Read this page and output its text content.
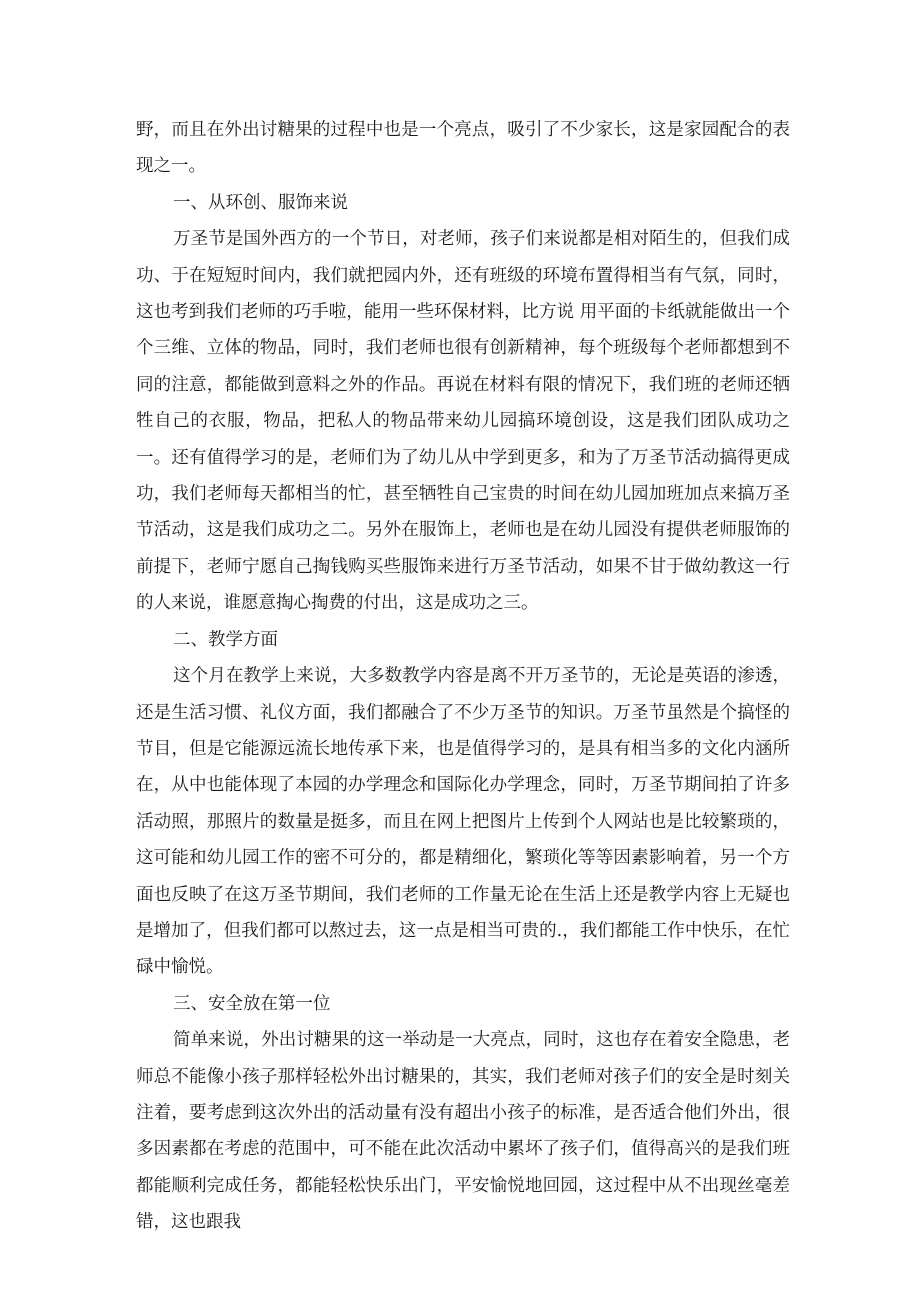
野，而且在外出讨糖果的过程中也是一个亮点，吸引了不少家长，这是家园配合的表现之一。

一、从环创、服饰来说

万圣节是国外西方的一个节日，对老师，孩子们来说都是相对陌生的，但我们成功、于在短短时间内，我们就把园内外，还有班级的环境布置得相当有气氛，同时，这也考到我们老师的巧手啦，能用一些环保材料，比方说 用平面的卡纸就能做出一个个三维、立体的物品，同时，我们老师也很有创新精神，每个班级每个老师都想到不同的注意，都能做到意料之外的作品。再说在材料有限的情况下，我们班的老师还牺牲自己的衣服，物品，把私人的物品带来幼儿园搞环境创设，这是我们团队成功之一。还有值得学习的是，老师们为了幼儿从中学到更多，和为了万圣节活动搞得更成功，我们老师每天都相当的忙，甚至牺牲自己宝贵的时间在幼儿园加班加点来搞万圣节活动，这是我们成功之二。另外在服饰上，老师也是在幼儿园没有提供老师服饰的前提下，老师宁愿自己掏钱购买些服饰来进行万圣节活动，如果不甘于做幼教这一行的人来说，谁愿意掏心掏费的付出，这是成功之三。

二、教学方面

这个月在教学上来说，大多数教学内容是离不开万圣节的，无论是英语的渗透，还是生活习惯、礼仪方面，我们都融合了不少万圣节的知识。万圣节虽然是个搞怪的节目，但是它能源远流长地传承下来，也是值得学习的，是具有相当多的文化内涵所在，从中也能体现了本园的办学理念和国际化办学理念，同时，万圣节期间拍了许多活动照，那照片的数量是挺多，而且在网上把图片上传到个人网站也是比较繁琐的，这可能和幼儿园工作的密不可分的，都是精细化，繁琐化等等因素影响着，另一个方面也反映了在这万圣节期间，我们老师的工作量无论在生活上还是教学内容上无疑也是增加了，但我们都可以熬过去，这一点是相当可贵的.，我们都能工作中快乐，在忙碌中愉悦。

三、安全放在第一位

简单来说，外出讨糖果的这一举动是一大亮点，同时，这也存在着安全隐患，老师总不能像小孩子那样轻松外出讨糖果的，其实，我们老师对孩子们的安全是时刻关注着，要考虑到这次外出的活动量有没有超出小孩子的标准，是否适合他们外出，很多因素都在考虑的范围中，可不能在此次活动中累坏了孩子们，值得高兴的是我们班都能顺利完成任务，都能轻松快乐出门，平安愉悦地回园，这过程中从不出现丝毫差错，这也跟我
